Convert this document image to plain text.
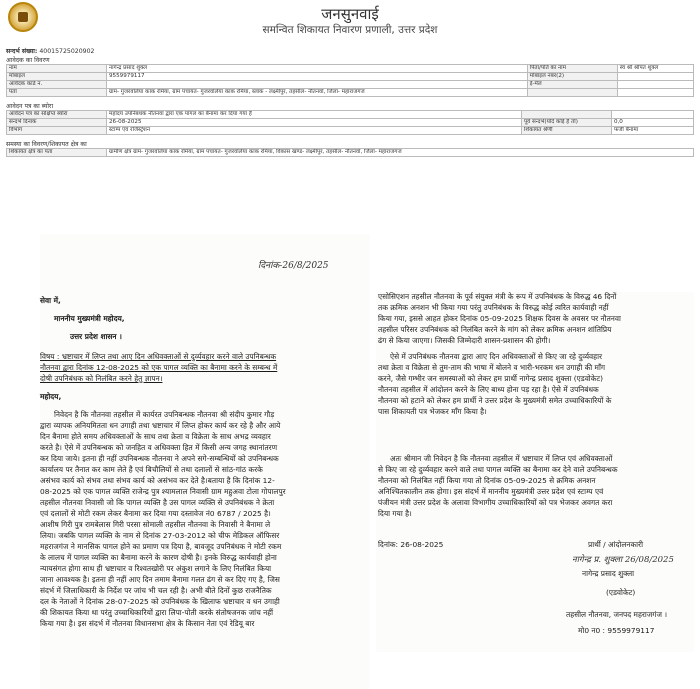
जनसुनवाई
समन्वित शिकायत निवारण प्रणाली, उत्तर प्रदेश
सन्दर्भ संख्या: 40015725020902
आवेदक का विवरण
नाम	नागेन्द्र प्रसाद शुक्ल	पिता/पति का नाम	स्व श्री श्रीपत शुक्ल
मोबाइल	9559979117	मोबाइल नंबर(2)	
आवेदक कार्ड न.		ई-मेल	
पता	ग्राम- गुजरवलिया कांक रमिया, ग्राम पंचायत- गुजरवलिया कांक रमिया, ब्लाक - लक्ष्मीपुर, तहसील- नौतनवाँ, जिला- महाराजगंज		
आवेदन पत्र का ब्योरा
आवेदन पत्र का संक्षिप्त ब्योरा	महोदय उपनिबंधक नौतनवा द्वारा एक पागल का बैनामा कर दिया गया है		
सन्दर्भ दिनांक	26-08-2025	पूर्व सन्दर्भ(यदि कोई है तो)	0,0
विभाग	स्टाम्प एवं रजिस्ट्रेशन	शिकायत श्रेणी	फर्जी बैनामा
समस्या का विवरण/शिकायत क्षेत्र का
शिकायत क्षेत्र का पता	ग्रामीण क्षेत्र ग्राम- गुजरवलिया कांक रमिया, ग्राम पंचायत- गुजरवलिया कांक रमिया, विकास खण्ड- लक्ष्मीपुर, तहसील- नौतनवाँ, जिला- महाराजगंज
दिनांक-26/8/2025
सेवा में,
माननीय मुख्यमंत्री महोदय,
उत्तर प्रदेश शासन ।
विषय : भ्रष्टाचार में लिप्त तथा आए दिन अधिवक्ताओं से दुर्व्यवहार करने वाले उपनिबन्धक
नौतनवा द्वारा दिनांक 12-08-2025 को एक पागल व्यक्ति का बैनामा करने के सम्बन्ध में
दोषी उपनिबंधक को निलंबित करने हेतु ज्ञापन।
महोदय,
निवेदन है कि नौतनवा तहसील में कार्यरत उपनिबन्धक नौतनवा श्री संदीप कुमार गौड़
द्वारा व्यापक अनियमितता धन उगाही तथा भ्रष्टाचार में लिप्त होकर कार्य कर रहे है और आये
दिन बैनामा होते समय अधिवक्ताओं के साथ तथा क्रेता व विक्रेता के साथ अभद्र व्यवहार
करते है। ऐसे में उपनिबन्धक को जनहित व अधिवक्ता हित में किसी अन्य जगह स्थानांतरण
कर दिया जाये। इतना ही नहीं उपनिबन्धक नौतनवा ने अपने सगे-सम्बन्धियों को उपनिबन्धक
कार्यालय पर तैनात कर काम लेते है एवं बिचौलियों से तथा दलालों से सांठ-गांठ करके
असंभव कार्य को संभव तथा संभव कार्य को असंभव कर देते है।बताया है कि दिनांक 12-
08-2025 को एक पागल व्यक्ति राजेन्द्र पुत्र श्यामलाल निवासी ग्राम महुअवा टोला गोपालपुर
तहसील नौतनवा निवासी जो कि पागल व्यक्ति है उस पागल व्यक्ति से उपनिबंधक ने क्रेता
एवं दलालों से मोटी रकम लेकर बैनामा कर दिया गया दस्तावेज नं0 6787 / 2025 है।
आशीष गिरी पुत्र रामबेलास गिरी परसा सोमाली तहसील नौतनवा के निवासी ने बैनामा ले
लिया। जबकि पागल व्यक्ति के नाम से दिनांक 27-03-2012 को चीफ मेडिकल ऑफिसर
महराजगंज ने मानसिक पागल होने का प्रमाण पत्र दिया है, बावजूद उपनिबंधक ने मोटी रकम
के लालच में पागल व्यक्ति का बैनामा करने के कारण दोषी है। इनके विरुद्ध कार्यवाही होना
न्यायसंगत होगा साथ ही भ्रष्टाचार व रिश्वतखोरी पर अंकुश लगाने के लिए निलंबित किया
जाना आवश्यक है। इतना ही नहीं आए दिन तमाम बैनामा गलत ढंग से कर दिए गए है, जिस
संदर्भ में जिलाधिकारी के निर्देश पर जांच भी चल रही है। अभी बीते दिनों कुछ राजनैतिक
दल के नेताओं ने दिनांक 28-07-2025 को उपनिबंधक के खिलाफ भ्रष्टाचार व धन उगाही
की शिकायत किया था परंतु उच्चाधिकारियों द्वारा लिपा-पोती करके संतोषजनक जांच नहीं
किया गया है। इस संदर्भ में नौतनवा विधानसभा क्षेत्र के किसान नेता एवं रेडियू बार
दिनांक: 26-08-2025	प्रार्थी / आंदोलनकारी
नागेन्द्र प्र. शुक्ला 26/08/2025
नागेन्द्र प्रसाद शुक्ला
(एडवोकेट)
तहसील नौतनवा, जनपद महराजगंज ।
मो0 न0 : 9559979117
एसोसिएशन तहसील नौतनवा के पूर्व संयुक्त मंत्री के रूप में उपनिबंधक के विरुद्ध 46 दिनों
तक क्रमिक अनशन भी किया गया परंतु उपनिबंधक के विरुद्ध कोई त्वरित कार्यवाही नहीं
किया गया, इससे आहत होकर दिनांक 05-09-2025 शिक्षक दिवस के अवसर पर नौतनवा
तहसील परिसर उपनिबंधक को निलंबित करने के मांग को लेकर क्रमिक अनशन शांतिप्रिय
ढंग से किया जाएगा। जिसकी जिम्मेदारी शासन-प्रशासन की होगी।
ऐसे में उपनिबंधक नौतनवा द्वारा आए दिन अधिवक्ताओं से किए जा रहे दुर्व्यवहार
तथा क्रेता व विक्रेता से तुम-ताम की भाषा में बोलने व भारी-भरकम धन उगाही की माँग
करने, जैसे गम्भीर जन समस्याओं को लेकर हम प्रार्थी नागेन्द्र प्रसाद शुक्ला (एडवोकेट)
नौतनवा तहसील में आंदोलन करने के लिए बाध्य होना पड़ रहा है। ऐसे में उपनिबंधक
नौतनवा को हटाने को लेकर हम प्रार्थी ने उत्तर प्रदेश के मुख्यमंत्री समेत उच्चाधिकारियों के
पास शिकायती पत्र भेजकर माँग किया है।
अतः श्रीमान जी निवेदन है कि नौतनवा तहसील में भ्रष्टाचार में लिप्त एवं अधिवक्ताओं
से किए जा रहे दुर्व्यवहार करने वाले तथा पागल व्यक्ति का बैनामा कर देने वाले उपनिबन्धक
नौतनवा को निलंबित नहीं किया गया तो दिनांक 05-09-2025 से क्रमिक अनशन
अनिश्चितकालीन तक होगा। इस संदर्भ में माननीय मुख्यमंत्री उत्तर प्रदेश एवं स्टाम्प एवं
पंजीयन मंत्री उत्तर प्रदेश के अलावा विभागीय उच्चाधिकारियों को पत्र भेजकर अवगत करा
दिया गया है।
